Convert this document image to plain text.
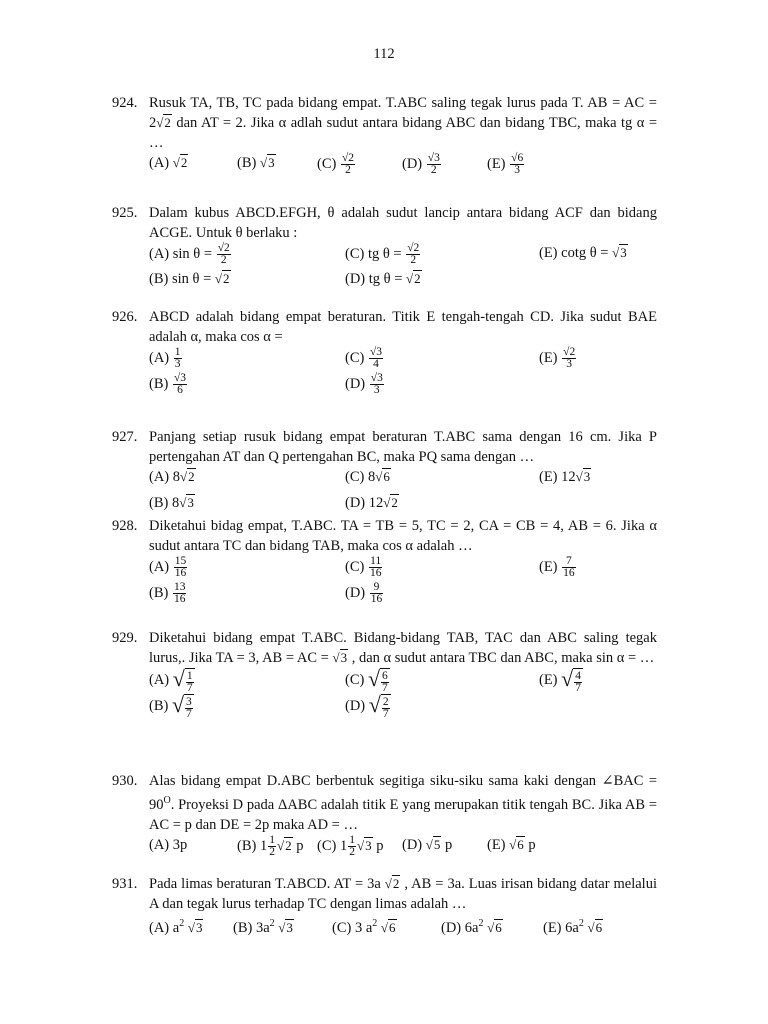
112
924. Rusuk TA, TB, TC pada bidang empat. T.ABC saling tegak lurus pada T. AB = AC = 2√2 dan AT = 2. Jika α adlah sudut antara bidang ABC dan bidang TBC, maka tg α = …
(A) √2	(B) √3	$(C) \frac{√2}{2}$	$(D) \frac{√3}{2}$	$(E) \frac{√6}{3}$
925. Dalam kubus ABCD.EFGH, θ adalah sudut lancip antara bidang ACF dan bidang ACGE. Untuk θ berlaku :
(A) $\sin \theta = \frac{√2}{2}$	(C) tg $\theta = \frac{√2}{2}$	(E) cotg θ = √3
(B) sin θ = √2	(D) tg θ = √2
926. ABCD adalah bidang empat beraturan. Titik E tengah-tengah CD. Jika sudut BAE adalah α, maka cos α =
$(A) \frac{1}{3}$	$(C) \frac{√3}{4}$	$(E) \frac{√2}{3}$
$(B) \frac{√3}{6}$	$(D) \frac{√3}{3}$
927. Panjang setiap rusuk bidang empat beraturan T.ABC sama dengan 16 cm. Jika P pertengahan AT dan Q pertengahan BC, maka PQ sama dengan …
(A) 8√2	(C) 8√6	(E) 12√3
(B) 8√3	(D) 12√2
928. Diketahui bidag empat, T.ABC. TA = TB = 5, TC = 2, CA = CB = 4, AB = 6. Jika α sudut antara TC dan bidang TAB, maka cos α adalah …
$(A) \frac{15}{16}$	$(C) \frac{11}{16}$	$(E) \frac{7}{16}$
$(B) \frac{13}{16}$	$(D) \frac{9}{16}$
929. Diketahui bidang empat T.ABC. Bidang-bidang TAB, TAC dan ABC saling tegak lurus,. Jika TA = 3, AB = AC = √3 , dan α sudut antara TBC dan ABC, maka sin α = …
(A) √ $\frac{1}{7}$	(C) √ $\frac{6}{7}$	(E) √ $\frac{4}{7}$
(B) √ $\frac{3}{7}$	(D) √ $\frac{2}{7}$
930. Alas bidang empat D.ABC berbentuk segitiga siku-siku sama kaki dengan ∠BAC = $90^O$. Proyeksi D pada ΔABC adalah titik E yang merupakan titik tengah BC. Jika AB = AC = p dan DE = 2p maka AD = …
(A) 3p	(B) $1 \frac{1}{2} √2$ p (C) $1 \frac{1}{2} √3$ p (D) √5 p (E) √6 p
931. Pada limas beraturan T.ABCD. AT = 3a √2 , AB = 3a. Luas irisan bidang datar melalui A dan tegak lurus terhadap TC dengan limas adalah …
(A) $a^2$ √3 (B) $3a^2$ √3	(C) 3 $a^2$ √6	(D) $6a^2$ √6	(E) $6a^2$ √6
